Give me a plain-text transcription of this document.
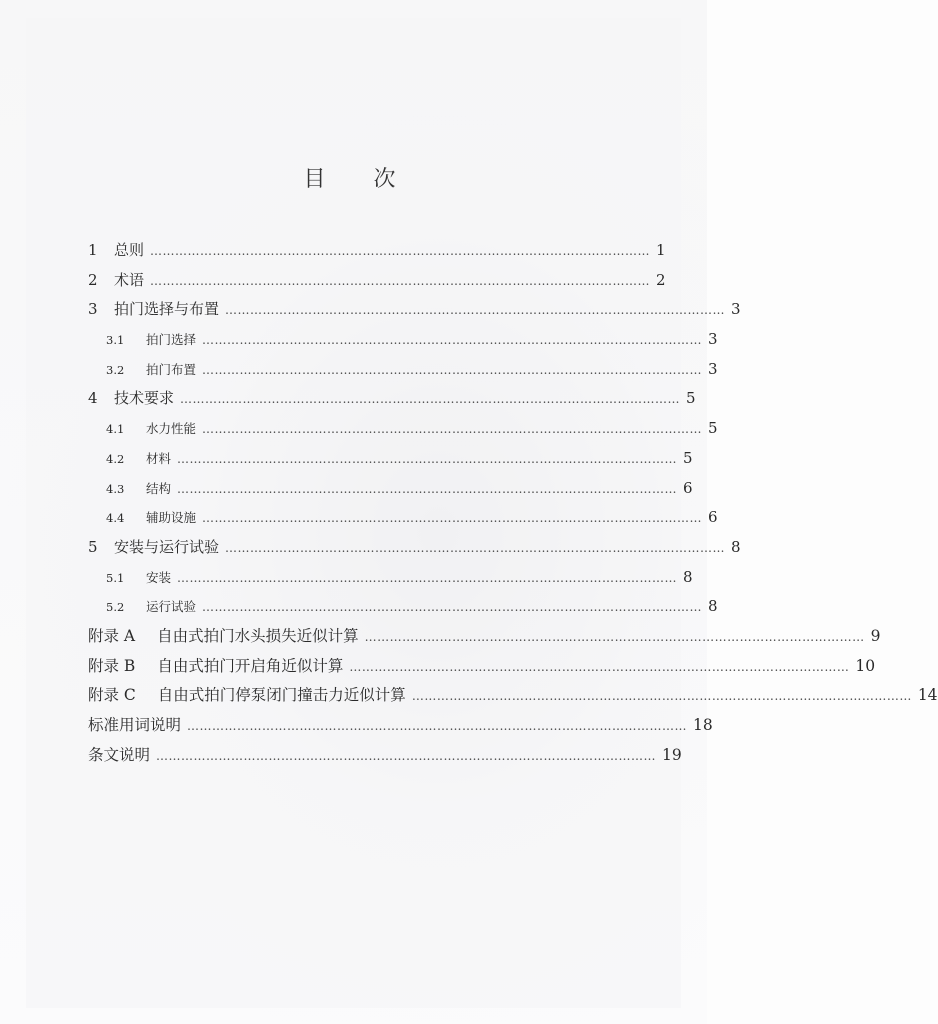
目次
1 总则 ………………………………………………………………………………………………………… 1
2 术语 ………………………………………………………………………………………………………… 2
3 拍门选择与布置 ………………………………………………………………………………………………………… 3
3.1 拍门选择 ………………………………………………………………………………………………………… 3
3.2 拍门布置 ………………………………………………………………………………………………………… 3
4 技术要求 ………………………………………………………………………………………………………… 5
4.1 水力性能 ………………………………………………………………………………………………………… 5
4.2 材料 ………………………………………………………………………………………………………… 5
4.3 结构 ………………………………………………………………………………………………………… 6
4.4 辅助设施 ………………………………………………………………………………………………………… 6
5 安装与运行试验 ………………………………………………………………………………………………………… 8
5.1 安装 ………………………………………………………………………………………………………… 8
5.2 运行试验 ………………………………………………………………………………………………………… 8
附录 A 自由式拍门水头损失近似计算 ………………………………………………………………………………………………………… 9
附录 B 自由式拍门开启角近似计算 ………………………………………………………………………………………………………… 10
附录 C 自由式拍门停泵闭门撞击力近似计算 ………………………………………………………………………………………………………… 14
标准用词说明 ………………………………………………………………………………………………………… 18
条文说明 ………………………………………………………………………………………………………… 19
